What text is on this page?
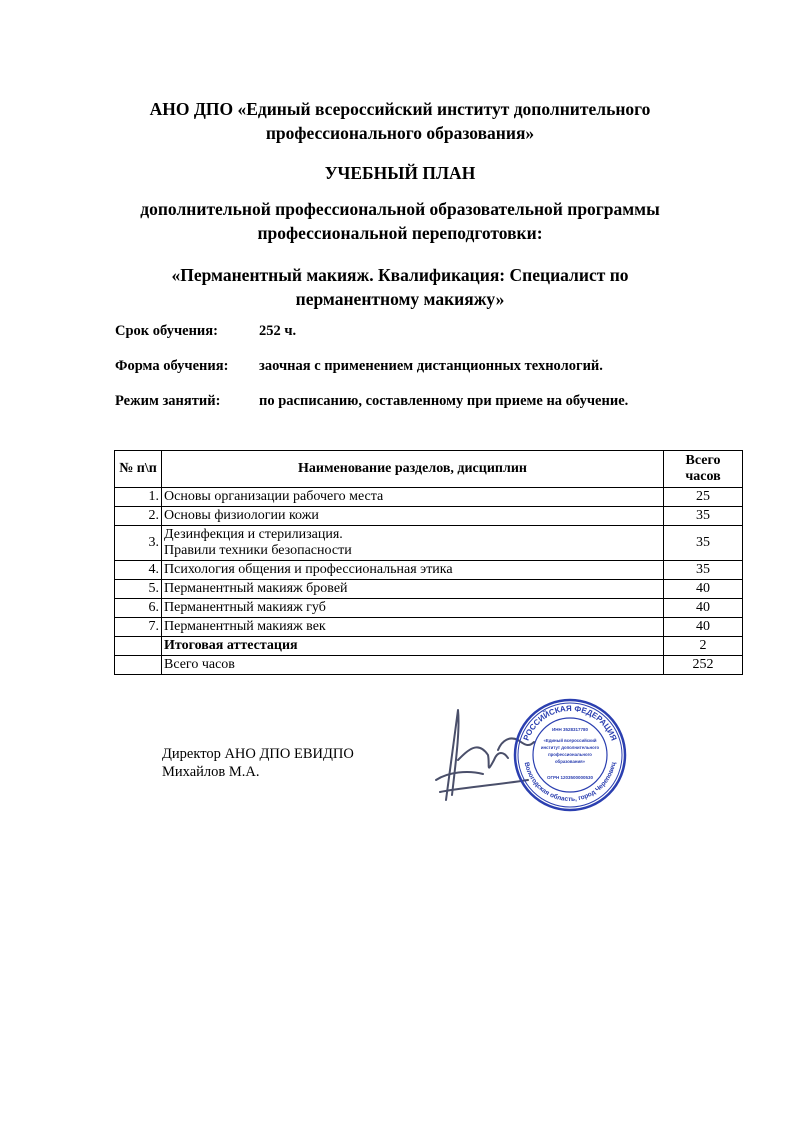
АНО ДПО «Единый всероссийский институт дополнительного
профессионального образования»
УЧЕБНЫЙ ПЛАН
дополнительной профессиональной образовательной программы
профессиональной переподготовки:
«Перманентный макияж. Квалификация: Специалист по
перманентному макияжу»
Срок обучения:	252 ч.
Форма обучения: заочная с применением дистанционных технологий.
Режим занятий:	по расписанию, составленному при приеме на обучение.
№ п\п	Наименование разделов, дисциплин	Всего
часов
1.	Основы организации рабочего места	25
2.	Основы физиологии кожи	35
3.	Дезинфекция и стерилизация.
Правили техники безопасности	35
4.	Психология общения и профессиональная этика	35
5.	Перманентный макияж бровей	40
6.	Перманентный макияж губ	40
7.	Перманентный макияж век	40
	Итоговая аттестация	2
	Всего часов	252
Директор АНО ДПО ЕВИДПО
Михайлов М.А.
РОССИЙСКАЯ ФЕДЕРАЦИЯ
Вологодская область, город Череповец
ИНН 3528317780
«Единый всероссийский
институт дополнительного
профессионального
образования»
ОГРН 1203500000530
